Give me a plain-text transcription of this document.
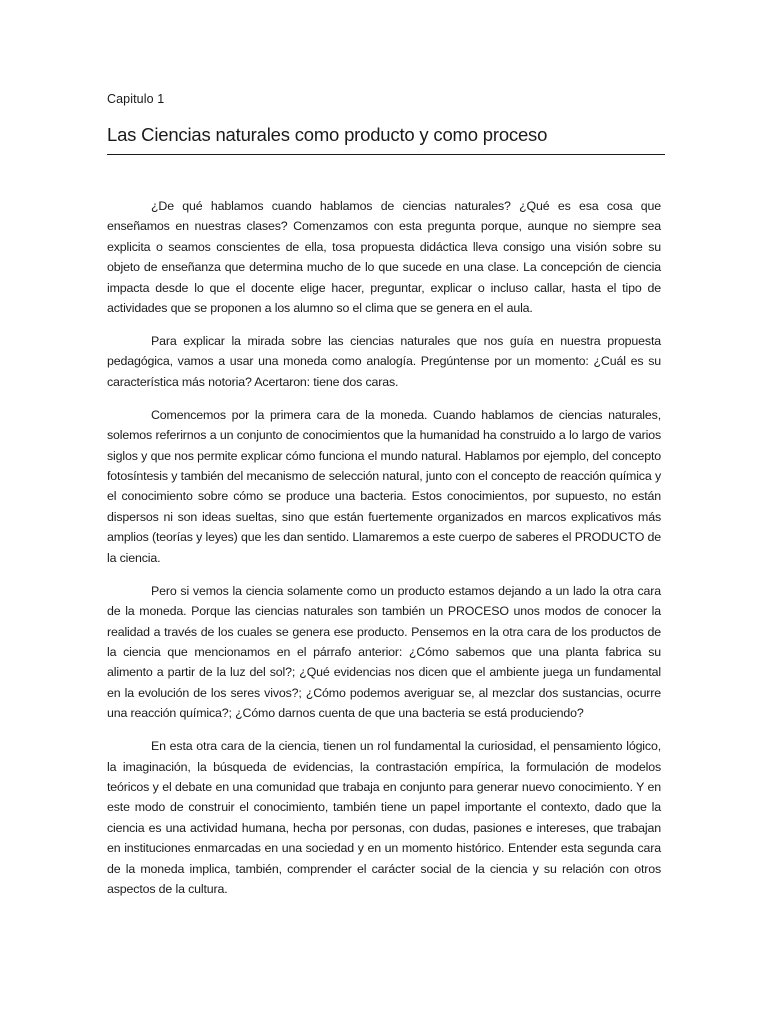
Capitulo 1
Las Ciencias naturales como producto y como proceso

¿De qué hablamos cuando hablamos de ciencias naturales? ¿Qué es esa cosa que enseñamos en nuestras clases? Comenzamos con esta pregunta porque, aunque no siempre sea explicita o seamos conscientes de ella, tosa propuesta didáctica lleva consigo una visión sobre su objeto de enseñanza que determina mucho de lo que sucede en una clase. La concepción de ciencia impacta desde lo que el docente elige hacer, preguntar, explicar o incluso callar, hasta el tipo de actividades que se proponen a los alumno so el clima que se genera en el aula.

Para explicar la mirada sobre las ciencias naturales que nos guía en nuestra propuesta pedagógica, vamos a usar una moneda como analogía. Pregúntense por un momento: ¿Cuál es su característica más notoria? Acertaron: tiene dos caras.

Comencemos por la primera cara de la moneda. Cuando hablamos de ciencias naturales, solemos referirnos a un conjunto de conocimientos que la humanidad ha construido a lo largo de varios siglos y que nos permite explicar cómo funciona el mundo natural. Hablamos por ejemplo, del concepto fotosíntesis y también del mecanismo de selección natural, junto con el concepto de reacción química y el conocimiento sobre cómo se produce una bacteria. Estos conocimientos, por supuesto, no están dispersos ni son ideas sueltas, sino que están fuertemente organizados en marcos explicativos más amplios (teorías y leyes) que les dan sentido. Llamaremos a este cuerpo de saberes el PRODUCTO de la ciencia.

Pero si vemos la ciencia solamente como un producto estamos dejando a un lado la otra cara de la moneda. Porque las ciencias naturales son también un PROCESO unos modos de conocer la realidad a través de los cuales se genera ese producto. Pensemos en la otra cara de los productos de la ciencia que mencionamos en el párrafo anterior: ¿Cómo sabemos que una planta fabrica su alimento a partir de la luz del sol?; ¿Qué evidencias nos dicen que el ambiente juega un fundamental en la evolución de los seres vivos?; ¿Cómo podemos averiguar se, al mezclar dos sustancias, ocurre una reacción química?; ¿Cómo darnos cuenta de que una bacteria se está produciendo?

En esta otra cara de la ciencia, tienen un rol fundamental la curiosidad, el pensamiento lógico, la imaginación, la búsqueda de evidencias, la contrastación empírica, la formulación de modelos teóricos y el debate en una comunidad que trabaja en conjunto para generar nuevo conocimiento. Y en este modo de construir el conocimiento, también tiene un papel importante el contexto, dado que la ciencia es una actividad humana, hecha por personas, con dudas, pasiones e intereses, que trabajan en instituciones enmarcadas en una sociedad y en un momento histórico. Entender esta segunda cara de la moneda implica, también, comprender el carácter social de la ciencia y su relación con otros aspectos de la cultura.
